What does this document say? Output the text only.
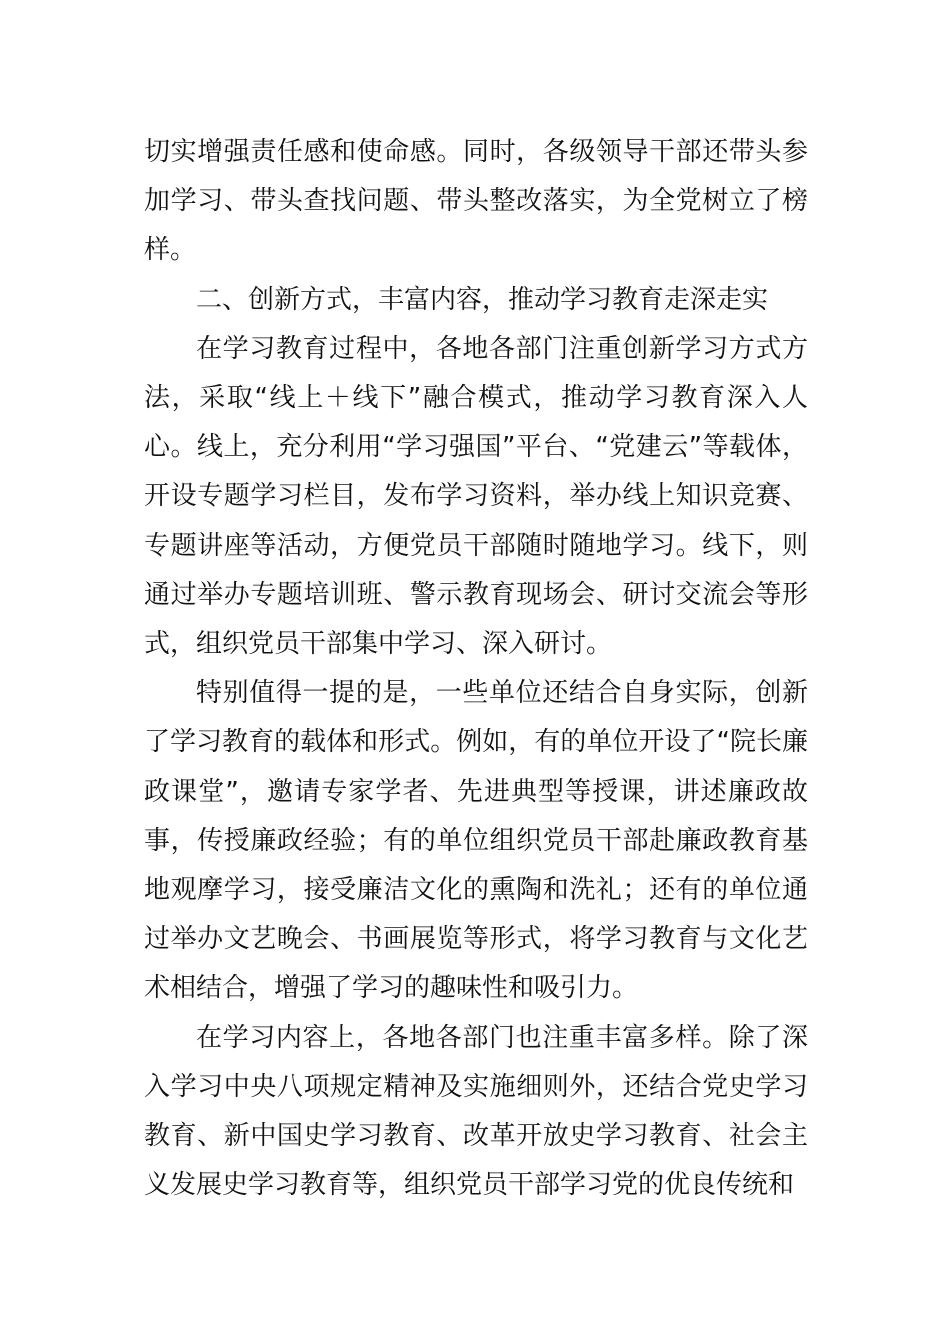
切实增强责任感和使命感。同时，各级领导干部还带头参加学习、带头查找问题、带头整改落实，为全党树立了榜样。

二、创新方式，丰富内容，推动学习教育走深走实

在学习教育过程中，各地各部门注重创新学习方式方法，采取“线上＋线下”融合模式，推动学习教育深入人心。线上，充分利用“学习强国”平台、“党建云”等载体，开设专题学习栏目，发布学习资料，举办线上知识竞赛、专题讲座等活动，方便党员干部随时随地学习。线下，则通过举办专题培训班、警示教育现场会、研讨交流会等形式，组织党员干部集中学习、深入研讨。

特别值得一提的是，一些单位还结合自身实际，创新了学习教育的载体和形式。例如，有的单位开设了“院长廉政课堂”，邀请专家学者、先进典型等授课，讲述廉政故事，传授廉政经验；有的单位组织党员干部赴廉政教育基地观摩学习，接受廉洁文化的熏陶和洗礼；还有的单位通过举办文艺晚会、书画展览等形式，将学习教育与文化艺术相结合，增强了学习的趣味性和吸引力。

在学习内容上，各地各部门也注重丰富多样。除了深入学习中央八项规定精神及实施细则外，还结合党史学习教育、新中国史学习教育、改革开放史学习教育、社会主义发展史学习教育等，组织党员干部学习党的优良传统和
